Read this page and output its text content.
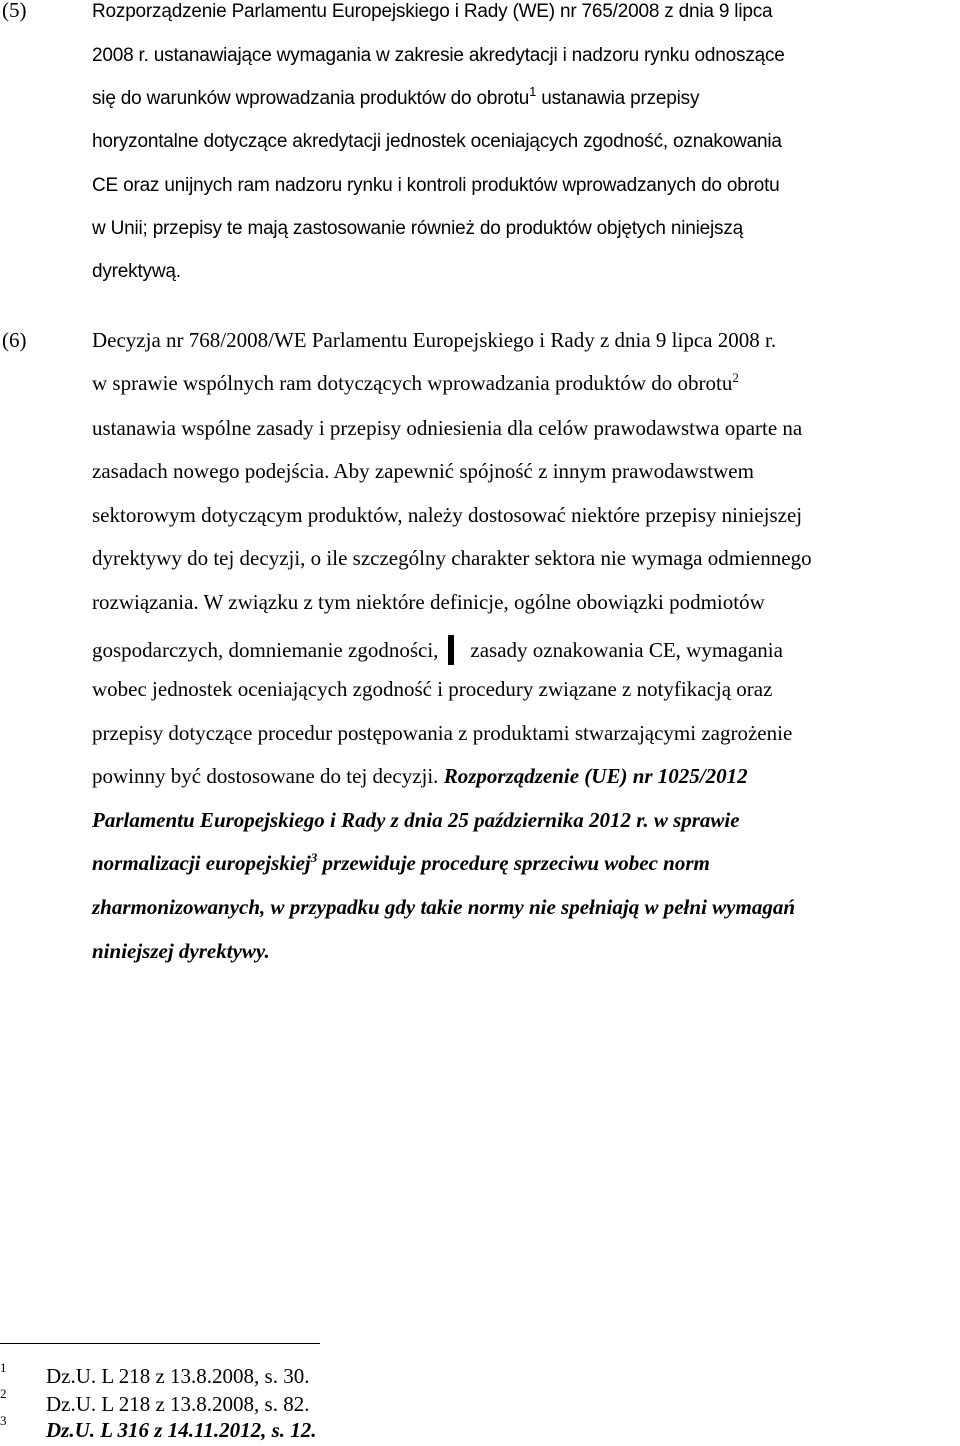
(5)	Rozporządzenie Parlamentu Europejskiego i Rady (WE) nr 765/2008 z dnia 9 lipca
2008 r. ustanawiające wymagania w zakresie akredytacji i nadzoru rynku odnoszące
się do warunków wprowadzania produktów do obrotu$^1$ ustanawia przepisy
horyzontalne dotyczące akredytacji jednostek oceniających zgodność, oznakowania
CE oraz unijnych ram nadzoru rynku i kontroli produktów wprowadzanych do obrotu
w Unii; przepisy te mają zastosowanie również do produktów objętych niniejszą
dyrektywą.
(6)	Decyzja nr 768/2008/WE Parlamentu Europejskiego i Rady z dnia 9 lipca 2008 r.
w sprawie wspólnych ram dotyczących wprowadzania produktów do obrotu$^2$
ustanawia wspólne zasady i przepisy odniesienia dla celów prawodawstwa oparte na
zasadach nowego podejścia. Aby zapewnić spójność z innym prawodawstwem
sektorowym dotyczącym produktów, należy dostosować niektóre przepisy niniejszej
dyrektywy do tej decyzji, o ile szczególny charakter sektora nie wymaga odmiennego
rozwiązania. W związku z tym niektóre definicje, ogólne obowiązki podmiotów
gospodarczych, domniemanie zgodności, zasady oznakowania CE, wymagania
wobec jednostek oceniających zgodność i procedury związane z notyfikacją oraz
przepisy dotyczące procedur postępowania z produktami stwarzającymi zagrożenie
powinny być dostosowane do tej decyzji. Rozporządzenie (UE) nr 1025/2012
Parlamentu Europejskiego i Rady z dnia 25 października 2012 r. w sprawie
normalizacji europejskiej$^3$ przewiduje procedurę sprzeciwu wobec norm
zharmonizowanych, w przypadku gdy takie normy nie spełniają w pełni wymagań
niniejszej dyrektywy.
1 Dz.U. L 218 z 13.8.2008, s. 30.
2 Dz.U. L 218 z 13.8.2008, s. 82.
3 Dz.U. L 316 z 14.11.2012, s. 12.
